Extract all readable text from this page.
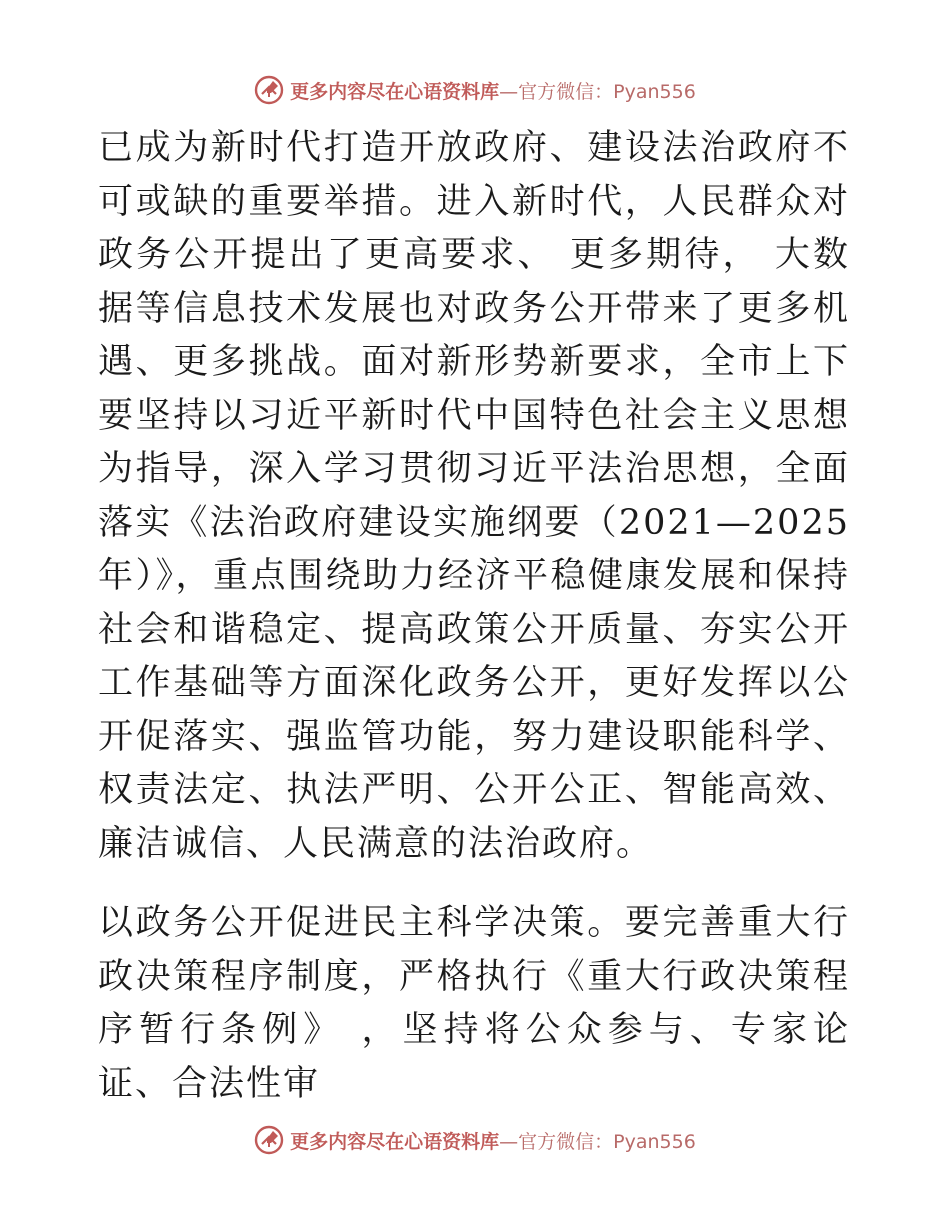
更多内容尽在心语资料库—官方微信：Pyan556

已成为新时代打造开放政府、建设法治政府不可或缺的重要举措。进入新时代，人民群众对政务公开提出了更高要求、 更多期待， 大数据等信息技术发展也对政务公开带来了更多机遇、更多挑战。面对新形势新要求，全市上下要坚持以习近平新时代中国特色社会主义思想为指导，深入学习贯彻习近平法治思想，全面落实《法治政府建设实施纲要（2021—2025 年）》，重点围绕助力经济平稳健康发展和保持社会和谐稳定、提高政策公开质量、夯实公开工作基础等方面深化政务公开，更好发挥以公开促落实、强监管功能，努力建设职能科学、权责法定、执法严明、公开公正、智能高效、廉洁诚信、人民满意的法治政府。

以政务公开促进民主科学决策。要完善重大行政决策程序制度，严格执行《重大行政决策程序暂行条例》 ，坚持将公众参与、专家论证、合法性审

更多内容尽在心语资料库—官方微信：Pyan556
